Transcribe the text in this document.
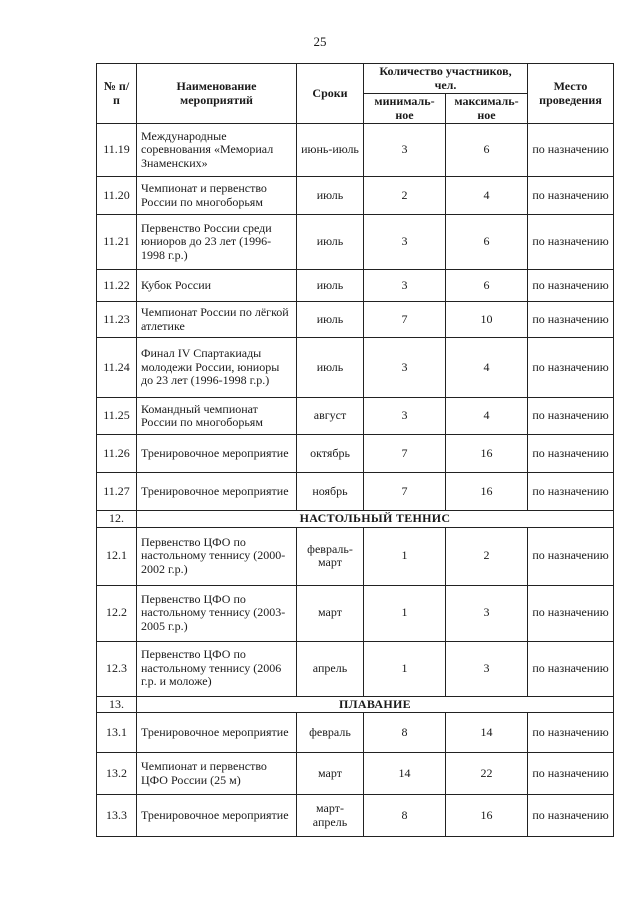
25
№ п/п	Наименование мероприятий	Сроки	Количество участников, чел.		Место проведения
			минималь-ное	максималь-ное	
11.19	Международные соревнования «Мемориал Знаменских»	июнь-июль	3	6	по назначению
11.20	Чемпионат и первенство России по многоборьям	июль	2	4	по назначению
11.21	Первенство России среди юниоров до 23 лет (1996-1998 г.р.)	июль	3	6	по назначению
11.22	Кубок России	июль	3	6	по назначению
11.23	Чемпионат России по лёгкой атлетике	июль	7	10	по назначению
11.24	Финал IV Спартакиады молодежи России, юниоры до 23 лет (1996-1998 г.р.)	июль	3	4	по назначению
11.25	Командный чемпионат России по многоборьям	август	3	4	по назначению
11.26	Тренировочное мероприятие	октябрь	7	16	по назначению
11.27	Тренировочное мероприятие	ноябрь	7	16	по назначению
12.	НАСТОЛЬНЫЙ ТЕННИС				
12.1	Первенство ЦФО по настольному теннису (2000-2002 г.р.)	февраль-март	1	2	по назначению
12.2	Первенство ЦФО по настольному теннису (2003-2005 г.р.)	март	1	3	по назначению
12.3	Первенство ЦФО по настольному теннису (2006 г.р. и моложе)	апрель	1	3	по назначению
13.	ПЛАВАНИЕ				
13.1	Тренировочное мероприятие	февраль	8	14	по назначению
13.2	Чемпионат и первенство ЦФО России (25 м)	март	14	22	по назначению
13.3	Тренировочное мероприятие	март-апрель	8	16	по назначению
